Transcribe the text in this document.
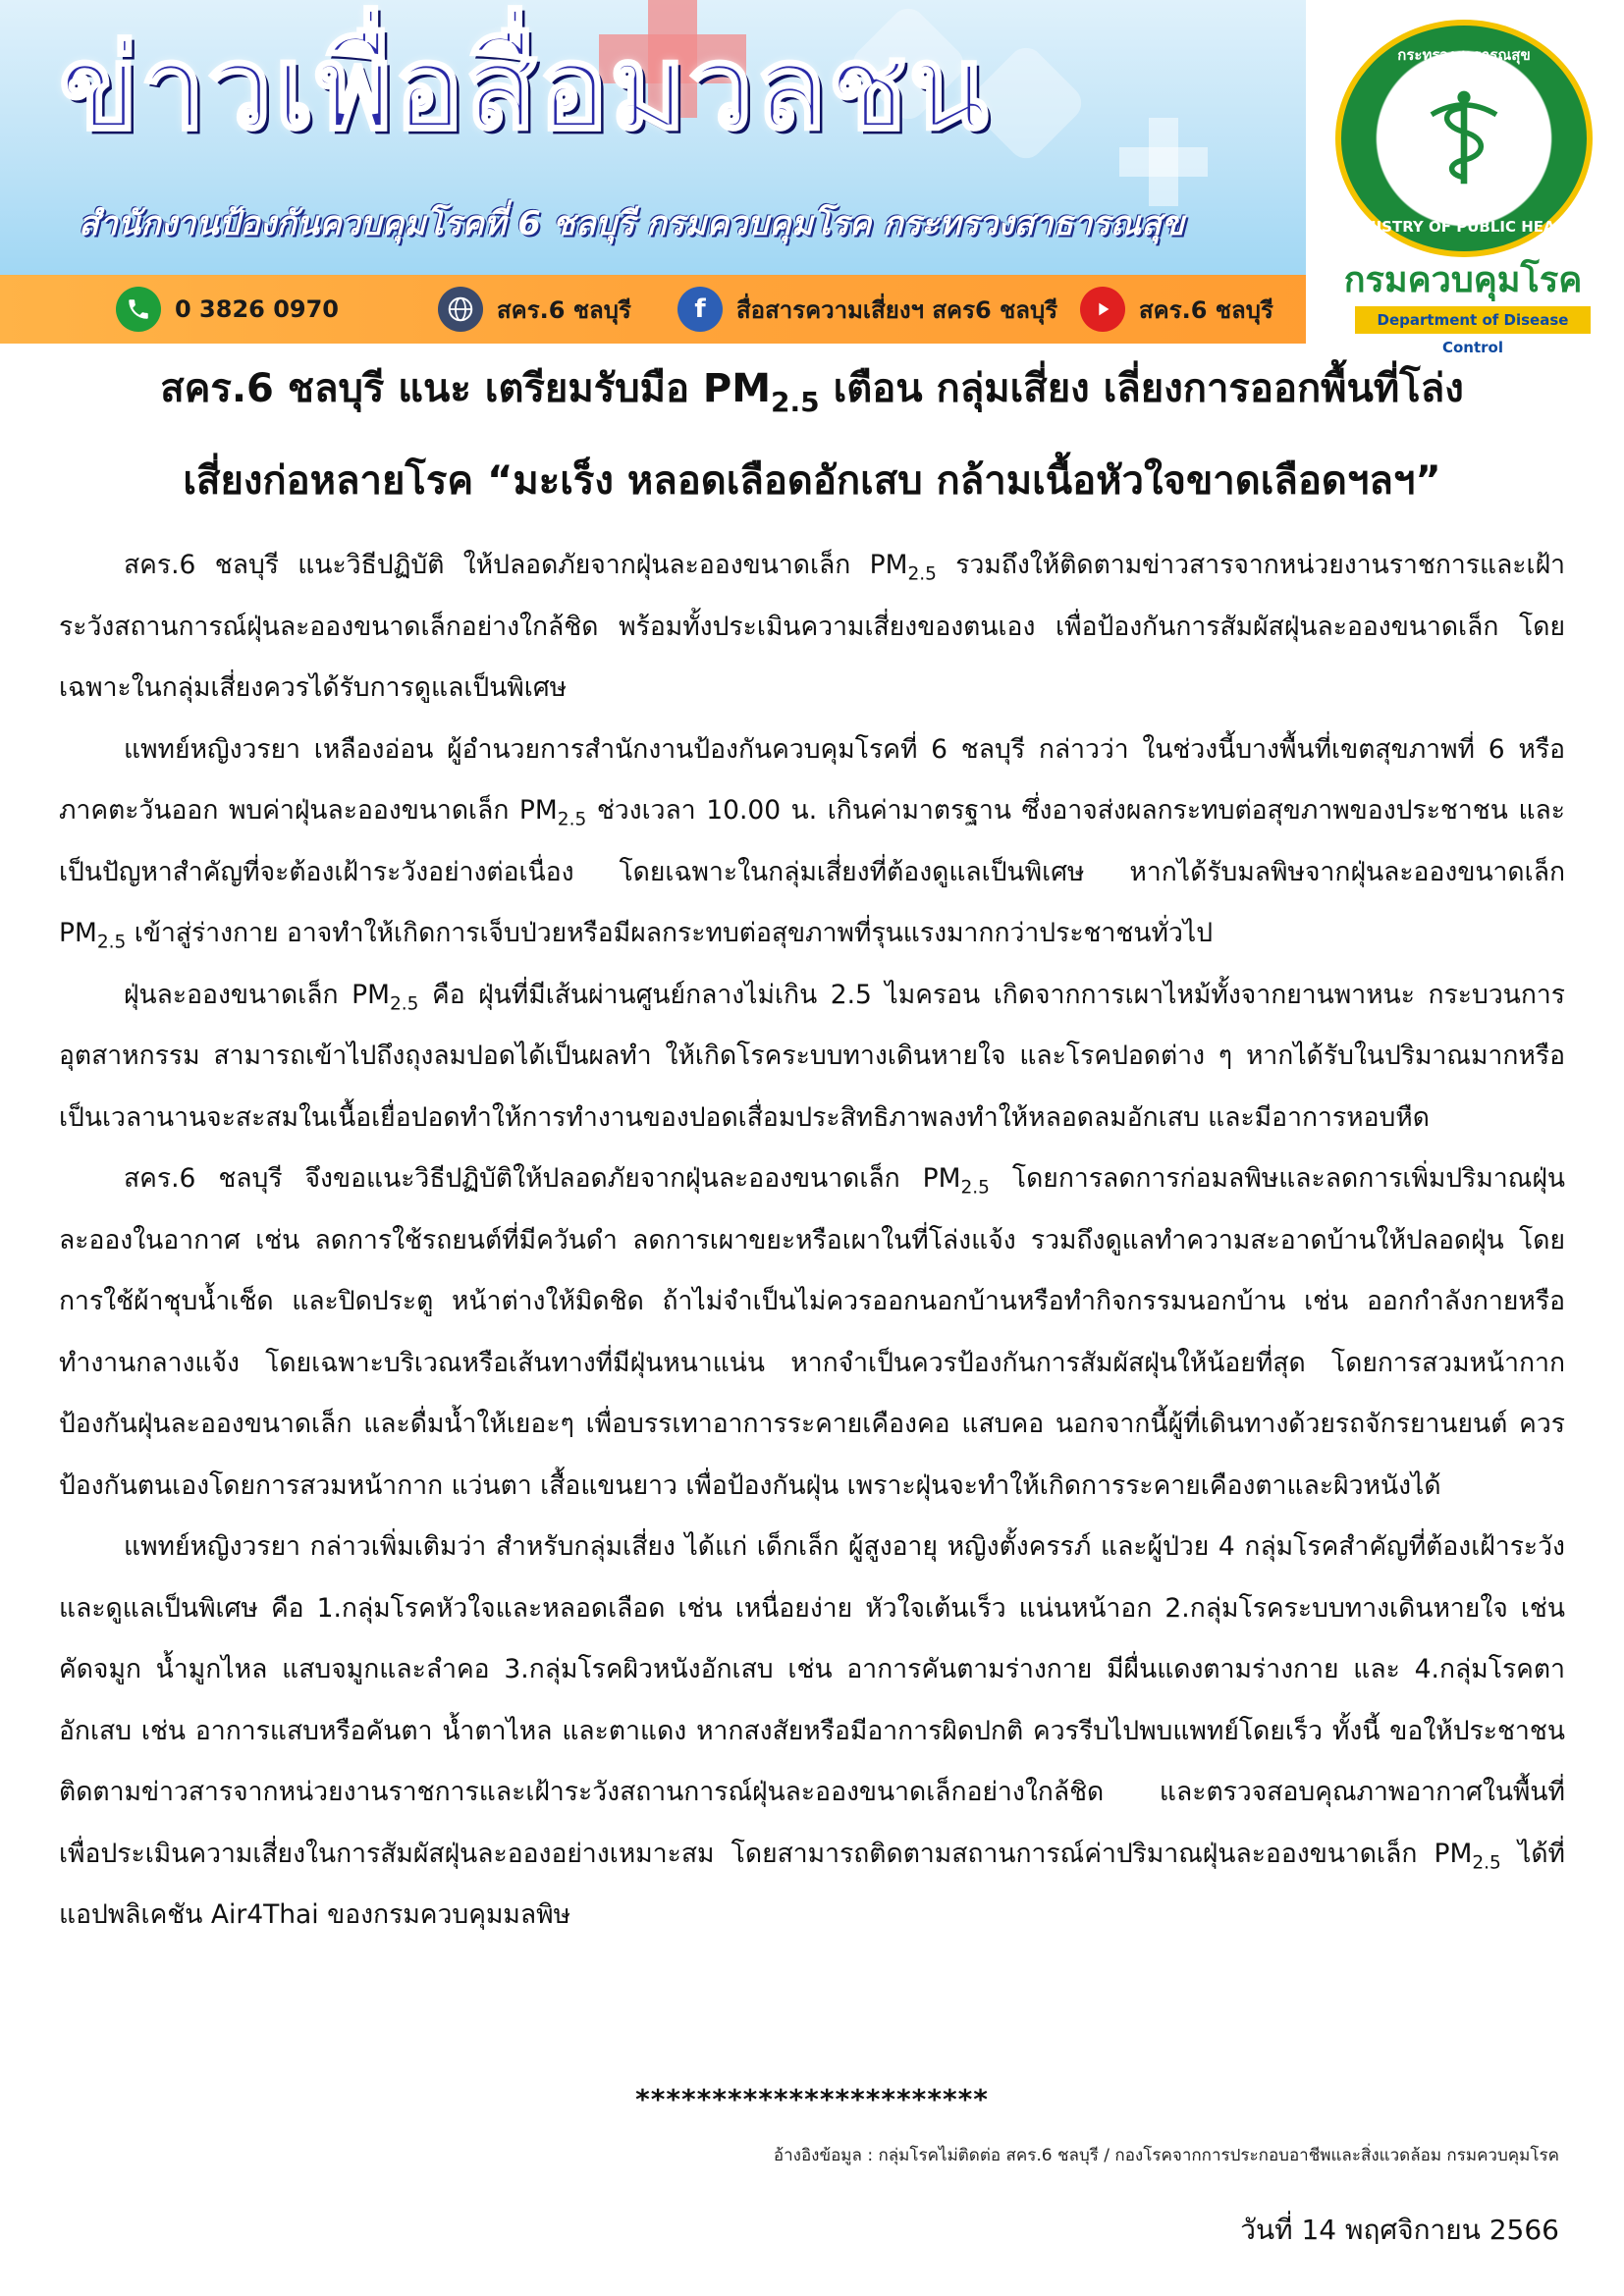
ข่าวเพื่อสื่อมวลชน
สำนักงานป้องกันควบคุมโรคที่ 6 ชลบุรี กรมควบคุมโรค กระทรวงสาธารณสุข
0 3826 0970	สคร.6 ชลบุรี	f	สื่อสารความเสี่ยงฯ สคร6 ชลบุรี	สคร.6 ชลบุรี
กระทรวงสาธารณสุข
MINISTRY OF PUBLIC HEALTH
กรมควบคุมโรค
Department of Disease Control
สคร.6 ชลบุรี แนะ เตรียมรับมือ $PM_{2.5}$ เตือน กลุ่มเสี่ยง เลี่ยงการออกพื้นที่โล่ง
เสี่ยงก่อหลายโรค “มะเร็ง หลอดเลือดอักเสบ กล้ามเนื้อหัวใจขาดเลือดฯลฯ”

สคร.6 ชลบุรี แนะวิธีปฏิบัติ ให้ปลอดภัยจากฝุ่นละอองขนาดเล็ก $PM_{2.5}$ รวมถึงให้ติดตามข่าวสารจากหน่วยงานราชการและเฝ้าระวังสถานการณ์ฝุ่นละอองขนาดเล็กอย่างใกล้ชิด พร้อมทั้งประเมินความเสี่ยงของตนเอง เพื่อป้องกันการสัมผัสฝุ่นละอองขนาดเล็ก โดยเฉพาะในกลุ่มเสี่ยงควรได้รับการดูแลเป็นพิเศษ

แพทย์หญิงวรยา เหลืองอ่อน ผู้อำนวยการสำนักงานป้องกันควบคุมโรคที่ 6 ชลบุรี กล่าวว่า ในช่วงนี้บางพื้นที่เขตสุขภาพที่ 6 หรือภาคตะวันออก พบค่าฝุ่นละอองขนาดเล็ก $PM_{2.5}$ ช่วงเวลา 10.00 น. เกินค่ามาตรฐาน ซึ่งอาจส่งผลกระทบต่อสุขภาพของประชาชน และเป็นปัญหาสำคัญที่จะต้องเฝ้าระวังอย่างต่อเนื่อง โดยเฉพาะในกลุ่มเสี่ยงที่ต้องดูแลเป็นพิเศษ หากได้รับมลพิษจากฝุ่นละอองขนาดเล็ก $PM_{2.5}$ เข้าสู่ร่างกาย อาจทำให้เกิดการเจ็บป่วยหรือมีผลกระทบต่อสุขภาพที่รุนแรงมากกว่าประชาชนทั่วไป

ฝุ่นละอองขนาดเล็ก $PM_{2.5}$ คือ ฝุ่นที่มีเส้นผ่านศูนย์กลางไม่เกิน 2.5 ไมครอน เกิดจากการเผาไหม้ทั้งจากยานพาหนะ กระบวนการอุตสาหกรรม สามารถเข้าไปถึงถุงลมปอดได้เป็นผลทำ ให้เกิดโรคระบบทางเดินหายใจ และโรคปอดต่าง ๆ หากได้รับในปริมาณมากหรือเป็นเวลานานจะสะสมในเนื้อเยื่อปอดทำให้การทำงานของปอดเสื่อมประสิทธิภาพลงทำให้หลอดลมอักเสบ และมีอาการหอบหืด

สคร.6 ชลบุรี จึงขอแนะวิธีปฏิบัติให้ปลอดภัยจากฝุ่นละอองขนาดเล็ก $PM_{2.5}$ โดยการลดการก่อมลพิษและลดการเพิ่มปริมาณฝุ่นละอองในอากาศ เช่น ลดการใช้รถยนต์ที่มีควันดำ ลดการเผาขยะหรือเผาในที่โล่งแจ้ง รวมถึงดูแลทำความสะอาดบ้านให้ปลอดฝุ่น โดยการใช้ผ้าชุบน้ำเช็ด และปิดประตู หน้าต่างให้มิดชิด ถ้าไม่จำเป็นไม่ควรออกนอกบ้านหรือทำกิจกรรมนอกบ้าน เช่น ออกกำลังกายหรือทำงานกลางแจ้ง โดยเฉพาะบริเวณหรือเส้นทางที่มีฝุ่นหนาแน่น หากจำเป็นควรป้องกันการสัมผัสฝุ่นให้น้อยที่สุด โดยการสวมหน้ากากป้องกันฝุ่นละอองขนาดเล็ก และดื่มน้ำให้เยอะๆ เพื่อบรรเทาอาการระคายเคืองคอ แสบคอ นอกจากนี้ผู้ที่เดินทางด้วยรถจักรยานยนต์ ควรป้องกันตนเองโดยการสวมหน้ากาก แว่นตา เสื้อแขนยาว เพื่อป้องกันฝุ่น เพราะฝุ่นจะทำให้เกิดการระคายเคืองตาและผิวหนังได้

แพทย์หญิงวรยา กล่าวเพิ่มเติมว่า สำหรับกลุ่มเสี่ยง ได้แก่ เด็กเล็ก ผู้สูงอายุ หญิงตั้งครรภ์ และผู้ป่วย 4 กลุ่มโรคสำคัญที่ต้องเฝ้าระวังและดูแลเป็นพิเศษ คือ 1.กลุ่มโรคหัวใจและหลอดเลือด เช่น เหนื่อยง่าย หัวใจเต้นเร็ว แน่นหน้าอก 2.กลุ่มโรคระบบทางเดินหายใจ เช่น คัดจมูก น้ำมูกไหล แสบจมูกและลำคอ 3.กลุ่มโรคผิวหนังอักเสบ เช่น อาการคันตามร่างกาย มีผื่นแดงตามร่างกาย และ 4.กลุ่มโรคตาอักเสบ เช่น อาการแสบหรือคันตา น้ำตาไหล และตาแดง หากสงสัยหรือมีอาการผิดปกติ ควรรีบไปพบแพทย์โดยเร็ว ทั้งนี้ ขอให้ประชาชนติดตามข่าวสารจากหน่วยงานราชการและเฝ้าระวังสถานการณ์ฝุ่นละอองขนาดเล็กอย่างใกล้ชิด และตรวจสอบคุณภาพอากาศในพื้นที่ เพื่อประเมินความเสี่ยงในการสัมผัสฝุ่นละอองอย่างเหมาะสม โดยสามารถติดตามสถานการณ์ค่าปริมาณฝุ่นละอองขนาดเล็ก $PM_{2.5}$ ได้ที่แอปพลิเคชัน Air4Thai ของกรมควบคุมมลพิษ

***********************
อ้างอิงข้อมูล : กลุ่มโรคไม่ติดต่อ สคร.6 ชลบุรี / กองโรคจากการประกอบอาชีพและสิ่งแวดล้อม กรมควบคุมโรค
วันที่ 14 พฤศจิกายน 2566
